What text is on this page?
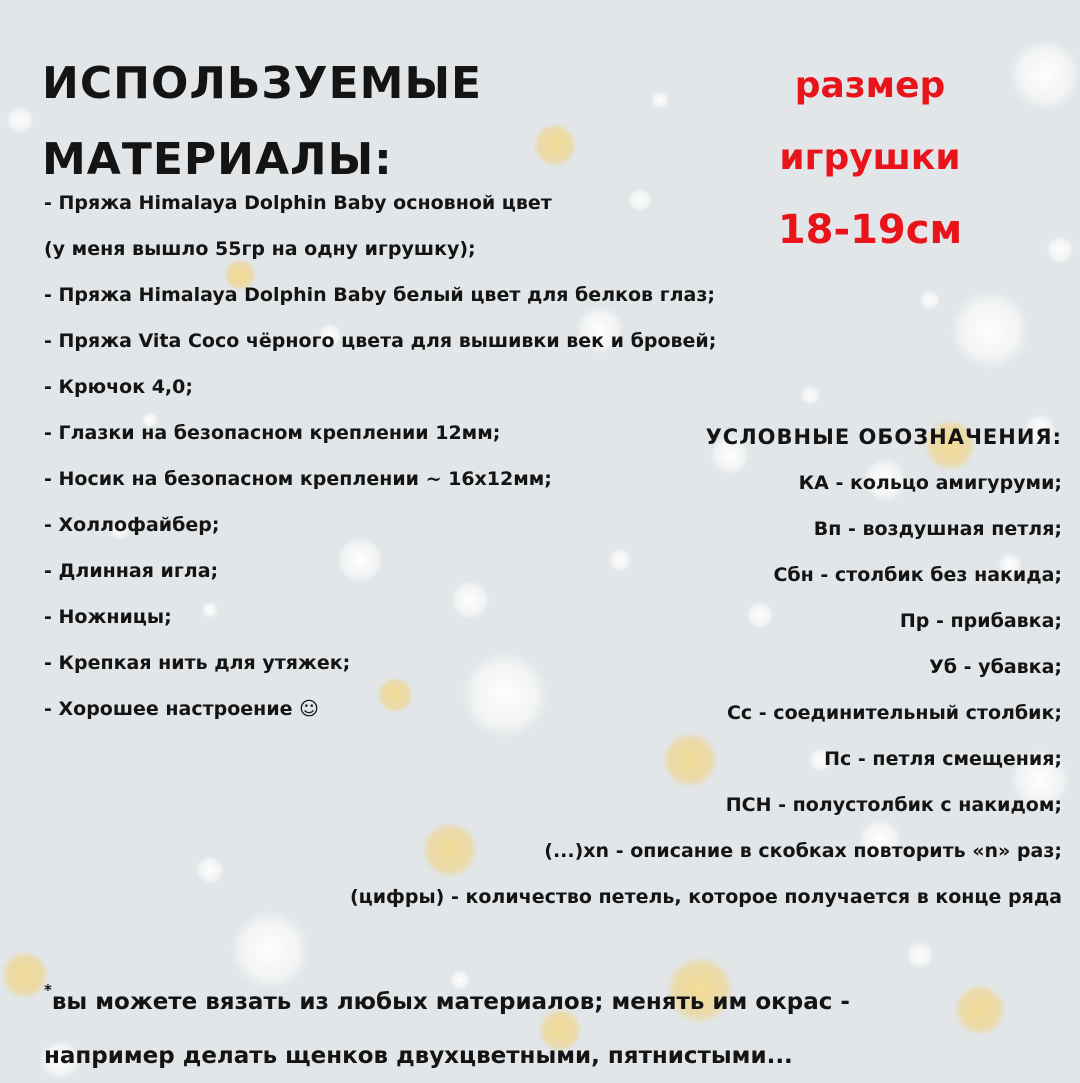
ИСПОЛЬЗУЕМЫЕ
МАТЕРИАЛЫ:
размер
игрушки
18-19см
- Пряжа Himalaya Dolphin Baby основной цвет
(у меня вышло 55гр на одну игрушку);
- Пряжа Himalaya Dolphin Baby белый цвет для белков глаз;
- Пряжа Vita Coco чёрного цвета для вышивки век и бровей;
- Крючок 4,0;
- Глазки на безопасном креплении 12мм;
- Носик на безопасном креплении ~ 16х12мм;
- Холлофайбер;
- Длинная игла;
- Ножницы;
- Крепкая нить для утяжек;
- Хорошее настроение ☺
УСЛОВНЫЕ ОБОЗНАЧЕНИЯ:
КА - кольцо амигуруми;
Вп - воздушная петля;
Сбн - столбик без накида;
Пр - прибавка;
Уб - убавка;
Сс - соединительный столбик;
Пс - петля смещения;
ПСН - полустолбик с накидом;
(...)xn - описание в скобках повторить «n» раз;
(цифры) - количество петель, которое получается в конце ряда
*вы можете вязать из любых материалов; менять им окрас -
например делать щенков двухцветными, пятнистыми...
